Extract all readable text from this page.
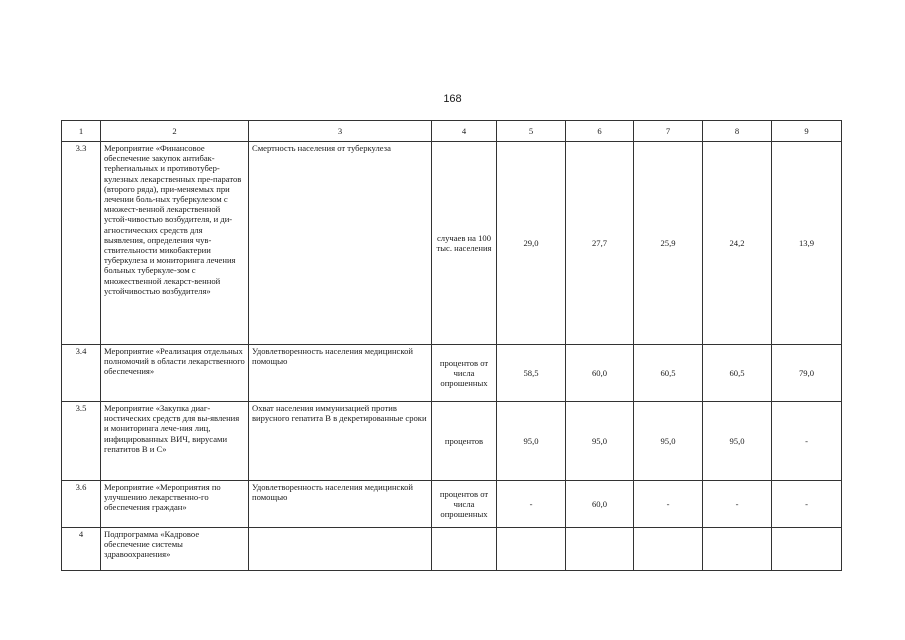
168
1	2	3	4	5	6	7	8	9
3.3	Мероприятие «Финансовое обеспечение закупок антибак-терherиальных и противотубер-кулезных лекарственных пре-паратов (второго ряда), при-меняемых при лечении боль-ных туберкулезом с множест-венной лекарственной устой-чивостью возбудителя, и ди-агностических средств для выявления, определения чув-ствительности микобактерии туберкулеза и мониторинга лечения больных туберкуле-зом с множественной лекарст-венной устойчивостью возбудителя»	Смертность населения от туберкулеза	случаев на 100 тыс. населения	29,0	27,7	25,9	24,2	13,9
3.4	Мероприятие «Реализация отдельных полномочий в области лекарственного обеспечения»	Удовлетворенность населения медицинской помощью	процентов от числа опрошенных	58,5	60,0	60,5	60,5	79,0
3.5	Мероприятие «Закупка диаг-ностических средств для вы-явления и мониторинга лече-ния лиц, инфицированных ВИЧ, вирусами гепатитов В и С»	Охват населения иммунизацией против вирусного гепатита В в декретированные сроки	процентов	95,0	95,0	95,0	95,0	-
3.6	Мероприятие «Мероприятия по улучшению лекарственно-го обеспечения граждан»	Удовлетворенность населения медицинской помощью	процентов от числа опрошенных	-	60,0	-	-	-
4	Подпрограмма «Кадровое обеспечение системы здравоохранения»							
